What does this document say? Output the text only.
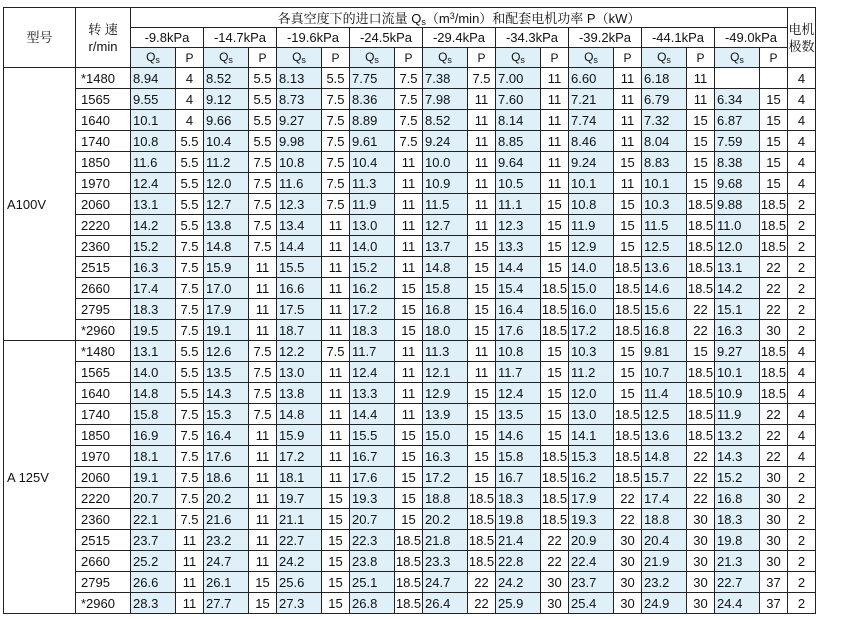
型号	转 速
r/min	各真空度下的进口流量 $Q_s(m^3/\min)$和配套电机功率 P（kW）																		电机
极数
		-9.8kPa		-14.7kPa		-19.6kPa		-24.5kPa		-29.4kPa		-34.3kPa		-39.2kPa		-44.1kPa		-49.0kPa		
		$Q_s$	P	$Q_s$	P	$Q_s$	P	$Q_s$	P	$Q_s$	P	$Q_s$	P	$Q_s$	P	$Q_s$	P	$Q_s$	P	
A100V	*1480	8.94	4	8.52	5.5	8.13	5.5	7.75	7.5	7.38	7.5	7.00	11	6.60	11	6.18	11			4
	1565	9.55	4	9.12	5.5	8.73	7.5	8.36	7.5	7.98	11	7.60	11	7.21	11	6.79	11	6.34	15	4
	1640	10.1	4	9.66	5.5	9.27	7.5	8.89	7.5	8.52	11	8.14	11	7.74	11	7.32	15	6.87	15	4
	1740	10.8	5.5	10.4	5.5	9.98	7.5	9.61	7.5	9.24	11	8.85	11	8.46	11	8.04	15	7.59	15	4
	1850	11.6	5.5	11.2	7.5	10.8	7.5	10.4	11	10.0	11	9.64	11	9.24	15	8.83	15	8.38	15	4
	1970	12.4	5.5	12.0	7.5	11.6	7.5	11.3	11	10.9	11	10.5	11	10.1	11	10.1	15	9.68	15	4
	2060	13.1	5.5	12.7	7.5	12.3	7.5	11.9	11	11.5	11	11.1	15	10.8	15	10.3	18.5	9.88	18.5	2
	2220	14.2	5.5	13.8	7.5	13.4	11	13.0	11	12.7	11	12.3	15	11.9	15	11.5	18.5	11.0	18.5	2
	2360	15.2	7.5	14.8	7.5	14.4	11	14.0	11	13.7	15	13.3	15	12.9	15	12.5	18.5	12.0	18.5	2
	2515	16.3	7.5	15.9	11	15.5	11	15.2	11	14.8	15	14.4	15	14.0	18.5	13.6	18.5	13.1	22	2
	2660	17.4	7.5	17.0	11	16.6	11	16.2	15	15.8	15	15.4	18.5	15.0	18.5	14.6	18.5	14.2	22	2
	2795	18.3	7.5	17.9	11	17.5	11	17.2	15	16.8	15	16.4	18.5	16.0	18.5	15.6	22	15.1	22	2
	*2960	19.5	7.5	19.1	11	18.7	11	18.3	15	18.0	15	17.6	18.5	17.2	18.5	16.8	22	16.3	30	2
A 125V	*1480	13.1	5.5	12.6	7.5	12.2	7.5	11.7	11	11.3	11	10.8	15	10.3	15	9.81	15	9.27	18.5	4
	1565	14.0	5.5	13.5	7.5	13.0	11	12.4	11	12.1	11	11.7	15	11.2	15	10.7	18.5	10.1	18.5	4
	1640	14.8	5.5	14.3	7.5	13.8	11	13.3	11	12.9	15	12.4	15	12.0	15	11.4	18.5	10.9	18.5	4
	1740	15.8	7.5	15.3	7.5	14.8	11	14.4	11	13.9	15	13.5	15	13.0	18.5	12.5	18.5	11.9	22	4
	1850	16.9	7.5	16.4	11	15.9	11	15.5	15	15.0	15	14.6	15	14.1	18.5	13.6	18.5	13.2	22	4
	1970	18.1	7.5	17.6	11	17.2	11	16.7	15	16.3	15	15.8	18.5	15.3	18.5	14.8	22	14.3	22	4
	2060	19.1	7.5	18.6	11	18.1	11	17.6	15	17.2	15	16.7	18.5	16.2	18.5	15.7	22	15.2	30	2
	2220	20.7	7.5	20.2	11	19.7	15	19.3	15	18.8	18.5	18.3	18.5	17.9	22	17.4	22	16.8	30	2
	2360	22.1	7.5	21.6	11	21.1	15	20.7	15	20.2	18.5	19.8	18.5	19.3	22	18.8	30	18.3	30	2
	2515	23.7	11	23.2	11	22.7	15	22.3	18.5	21.8	18.5	21.4	22	20.9	30	20.4	30	19.8	30	2
	2660	25.2	11	24.7	11	24.2	15	23.8	18.5	23.3	18.5	22.8	22	22.4	30	21.9	30	21.3	30	2
	2795	26.6	11	26.1	15	25.6	15	25.1	18.5	24.7	22	24.2	30	23.7	30	23.2	30	22.7	37	2
	*2960	28.3	11	27.7	15	27.3	15	26.8	18.5	26.4	22	25.9	30	25.4	30	24.9	30	24.4	37	2
